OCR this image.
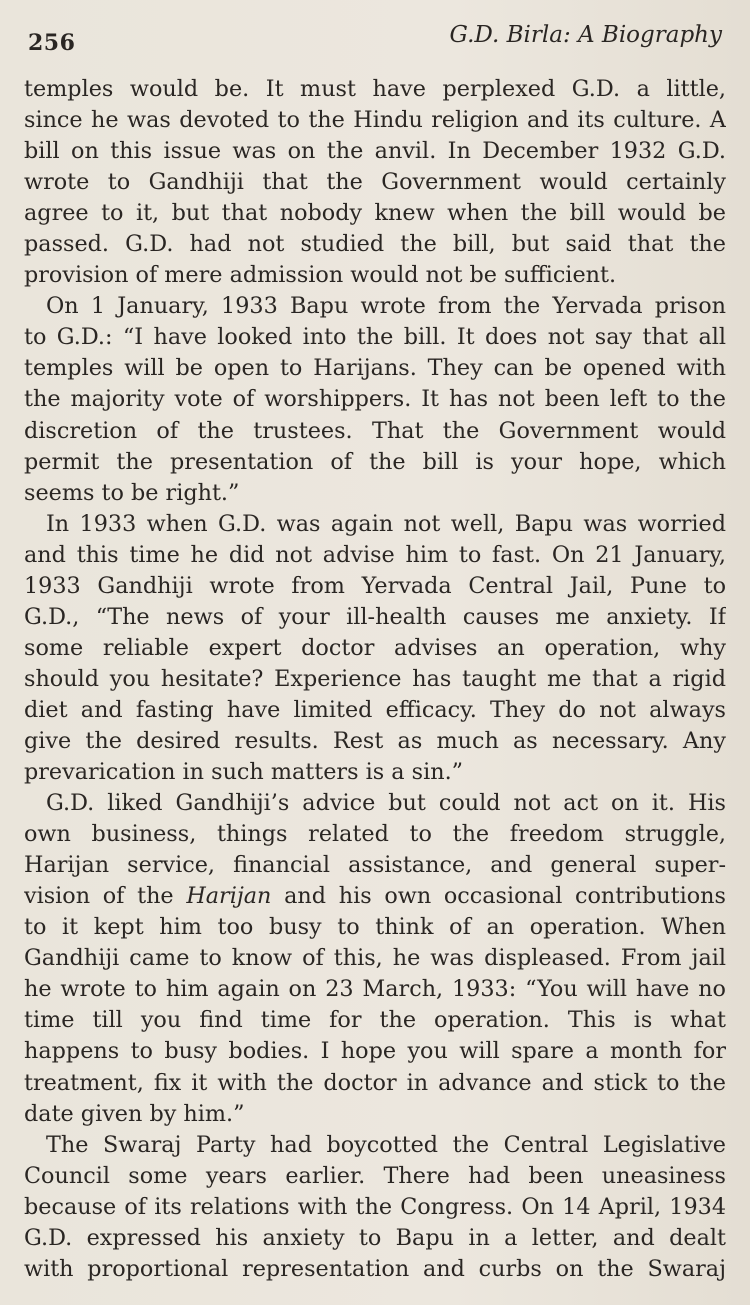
256	G.D. Birla: A Biography
temples would be. It must have perplexed G.D. a little,
since he was devoted to the Hindu religion and its culture. A
bill on this issue was on the anvil. In December 1932 G.D.
wrote to Gandhiji that the Government would certainly
agree to it, but that nobody knew when the bill would be
passed. G.D. had not studied the bill, but said that the
provision of mere admission would not be sufficient.
On 1 January, 1933 Bapu wrote from the Yervada prison
to G.D.: “I have looked into the bill. It does not say that all
temples will be open to Harijans. They can be opened with
the majority vote of worshippers. It has not been left to the
discretion of the trustees. That the Government would
permit the presentation of the bill is your hope, which
seems to be right.”
In 1933 when G.D. was again not well, Bapu was worried
and this time he did not advise him to fast. On 21 January,
1933 Gandhiji wrote from Yervada Central Jail, Pune to
G.D., “The news of your ill-health causes me anxiety. If
some reliable expert doctor advises an operation, why
should you hesitate? Experience has taught me that a rigid
diet and fasting have limited efficacy. They do not always
give the desired results. Rest as much as necessary. Any
prevarication in such matters is a sin.”
G.D. liked Gandhiji’s advice but could not act on it. His
own business, things related to the freedom struggle,
Harijan service, financial assistance, and general super-
vision of the Harijan and his own occasional contributions
to it kept him too busy to think of an operation. When
Gandhiji came to know of this, he was displeased. From jail
he wrote to him again on 23 March, 1933: “You will have no
time till you find time for the operation. This is what
happens to busy bodies. I hope you will spare a month for
treatment, fix it with the doctor in advance and stick to the
date given by him.”
The Swaraj Party had boycotted the Central Legislative
Council some years earlier. There had been uneasiness
because of its relations with the Congress. On 14 April, 1934
G.D. expressed his anxiety to Bapu in a letter, and dealt
with proportional representation and curbs on the Swaraj
